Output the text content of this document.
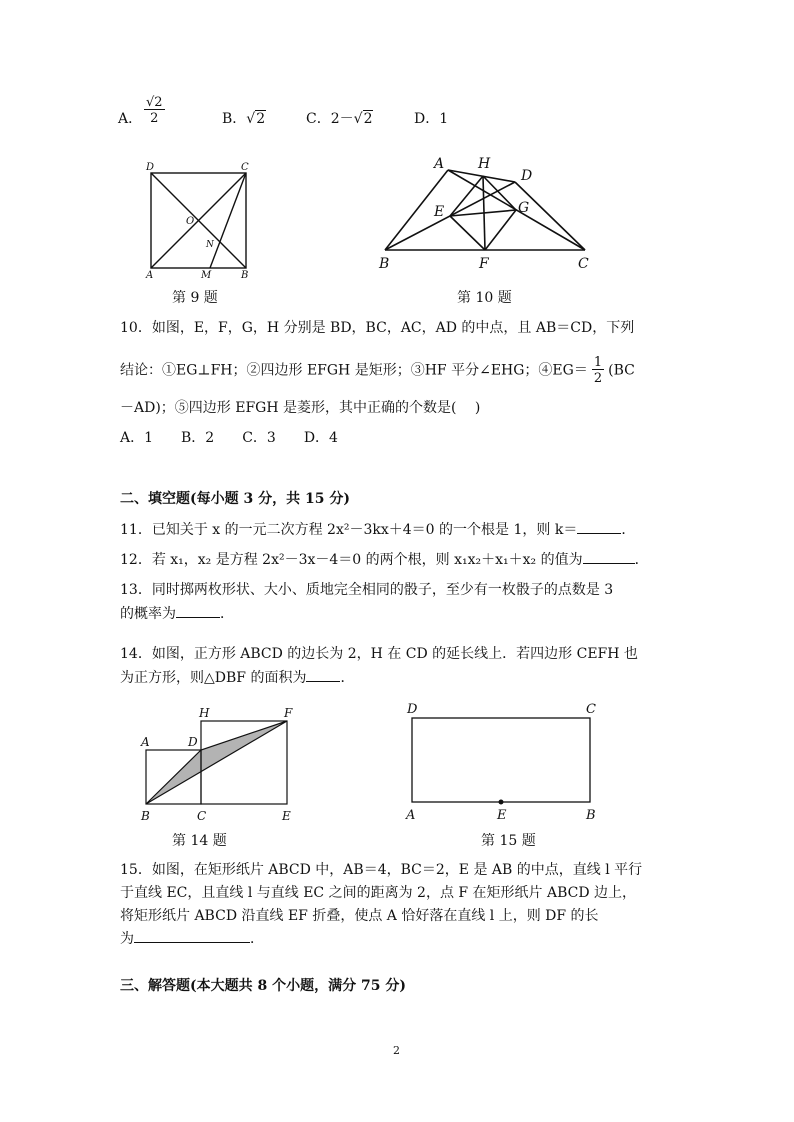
A． $\frac{√2}{2}$	B．√2	C．2－√2	D．1
D	C
O
N
A	M	B
第 9 题
A H
D
E	G
B	F	C
第 10 题
10．如图，E，F，G，H 分别是 BD，BC，AC，AD 的中点，且 AB＝CD，下列
结论：①EG⊥FH；②四边形 EFGH 是矩形；③HF 平分∠EHG；④EG＝ $\frac{1}{2} (BC$
－AD)；⑤四边形 EFGH 是菱形，其中正确的个数是(　 )
A．1　　B．2　　C．3　　D．4
二、填空题(每小题 3 分，共 15 分)
11．已知关于 x 的一元二次方程 2x²－3kx＋4＝0 的一个根是 1，则 k＝	．
12．若 x₁，x₂ 是方程 2x²－3x－4＝0 的两个根，则 x₁x₂＋x₁＋x₂ 的值为	．
13．同时掷两枚形状、大小、质地完全相同的骰子，至少有一枚骰子的点数是 3
的概率为	．
14．如图，正方形 ABCD 的边长为 2，H 在 CD 的延长线上．若四边形 CEFH 也
为正方形，则△DBF 的面积为 ．
H	F
A	D
B	C	E
第 14 题
D	C
A	E	B
第 15 题
15．如图，在矩形纸片 ABCD 中，AB＝4，BC＝2，E 是 AB 的中点，直线 l 平行
于直线 EC，且直线 l 与直线 EC 之间的距离为 2，点 F 在矩形纸片 ABCD 边上，
将矩形纸片 ABCD 沿直线 EF 折叠，使点 A 恰好落在直线 l 上，则 DF 的长
为	．
三、解答题(本大题共 8 个小题，满分 75 分)
2
